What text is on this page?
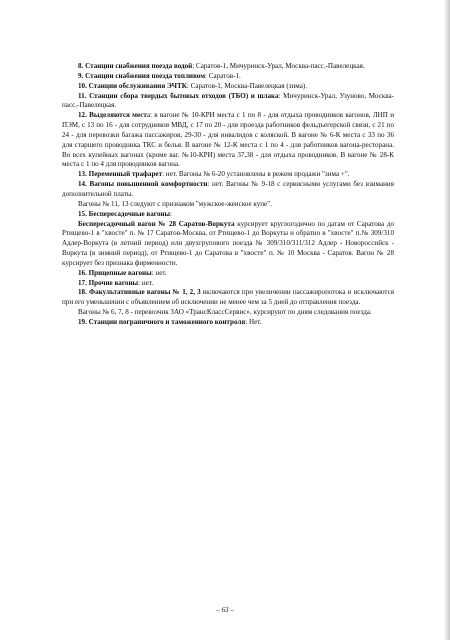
8. Станции снабжения поезда водой: Саратов-1, Мичуринск-Урал, Москва-пасс.-Павелецкая.

9. Станции снабжения поезда топливом: Саратов-1.

10. Станции обслуживания ЭЧТК: Саратов-1, Москва-Павелецкая (зима).

11. Станции сбора твердых бытовых отходов (ТБО) и шлака: Мичуринск-Урал, Узуново, Москва-пасс.-Павелецкая.

12. Выделяются места: в вагоне № 10-КРИ места с 1 по 8 - для отдыха проводников вагонов, ЛНП и ПЭМ, с 13 по 16 - для сотрудников МВД, с 17 по 20 - для проезда работников фельдъегерской связи, с 21 по 24 - для перевозки багажа пассажиров, 29-30 - для инвалидов с коляской. В вагоне № 6-К места с 33 по 36 для старшего проводника ТКС и белья. В вагоне № 12-К места с 1 по 4 - для работников вагона-ресторана. Во всех купейных вагонах (кроме ваг. №10-КРИ) места 37,38 - для отдыха проводников. В вагоне № 28-К места с 1 по 4 для проводников вагона.

13. Переменный трафарет: нет. Вагоны № 6-20 установлены в режим продажи "зима +".

14. Вагоны повышенной комфортности: нет. Вагоны № 9-18 с сервисными услугами без взимания дополнительной платы.

Вагоны № 11, 13 следуют с признаком "мужское-женское купе".

15. Беспересадочные вагоны:

Беспересадочный вагон № 28 Саратов-Воркута курсирует круглогодично по датам от Саратова до Ртищево-1 в "хвосте" п. № 17 Саратов-Москва, от Ртищево-1 до Воркуты и обратно в "хвосте" п.№ 309/310 Адлер-Воркута (в летний период) или двухгрупового поезда № 309/310/311/312 Адлер - Новороссийск - Воркута (в зимний период), от Ртищево-1 до Саратова в "хвосте" п. № 10 Москва - Саратов. Вагон № 28 курсирует без признака фирменности.

16. Прицепные вагоны: нет.

17. Прочие вагоны: нет.

18. Факультативные вагоны № 1, 2, 3 включаются при увеличении пассажиропотока и исключаются при его уменьшении с объявлением об исключении не менее чем за 5 дней до отправления поезда.

Вагоны № 6, 7, 8 - перевозчик ЗАО «ТрансКлассСервис», курсируют по дням следования поезда.

19. Станции пограничного и таможенного контроля: Нет.

– 63 –
